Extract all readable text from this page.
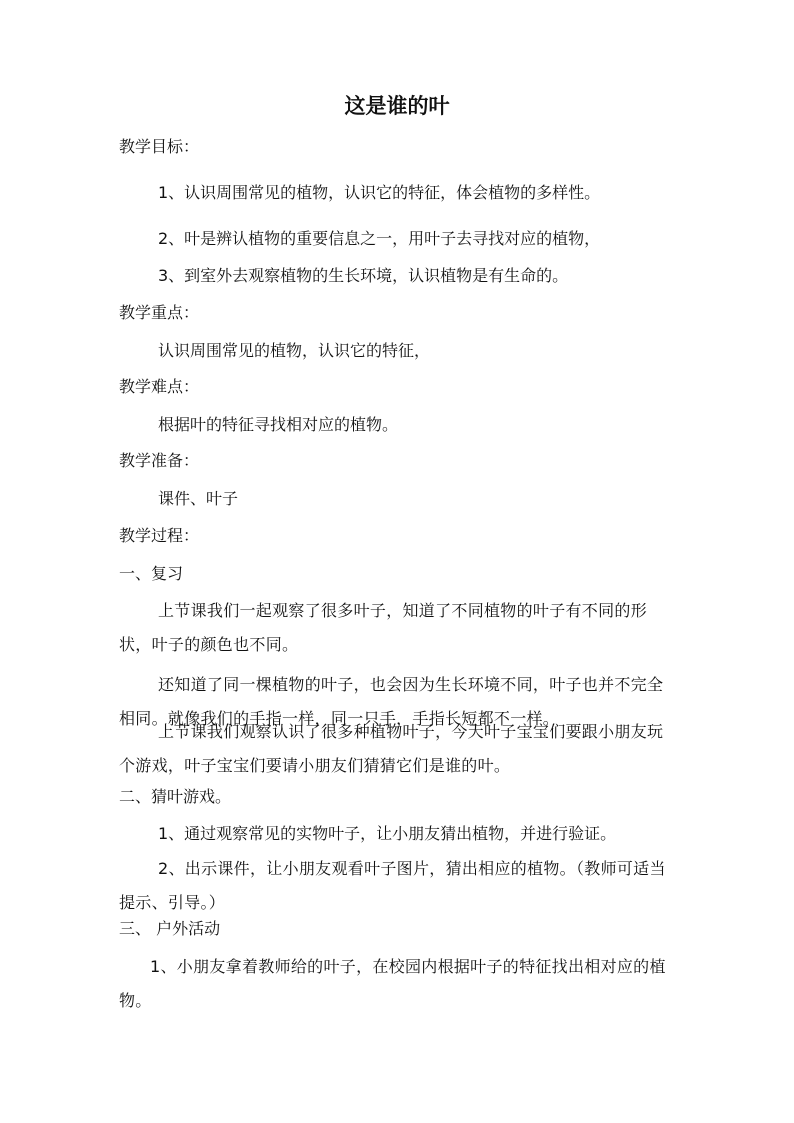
这是谁的叶
教学目标：
1、认识周围常见的植物，认识它的特征，体会植物的多样性。
2、叶是辨认植物的重要信息之一，用叶子去寻找对应的植物，
3、到室外去观察植物的生长环境，认识植物是有生命的。
教学重点：
认识周围常见的植物，认识它的特征，
教学难点：
根据叶的特征寻找相对应的植物。
教学准备：
课件、叶子
教学过程：
一、复习
上节课我们一起观察了很多叶子，知道了不同植物的叶子有不同的形状，叶子的颜色也不同。
还知道了同一棵植物的叶子，也会因为生长环境不同，叶子也并不完全相同。就像我们的手指一样，同一只手，手指长短都不一样。
上节课我们观察认识了很多种植物叶子，今天叶子宝宝们要跟小朋友玩个游戏，叶子宝宝们要请小朋友们猜猜它们是谁的叶。
二、猜叶游戏。
1、通过观察常见的实物叶子，让小朋友猜出植物，并进行验证。
2、出示课件，让小朋友观看叶子图片，猜出相应的植物。（教师可适当提示、引导。）
三、 户外活动
1、小朋友拿着教师给的叶子，在校园内根据叶子的特征找出相对应的植物。
